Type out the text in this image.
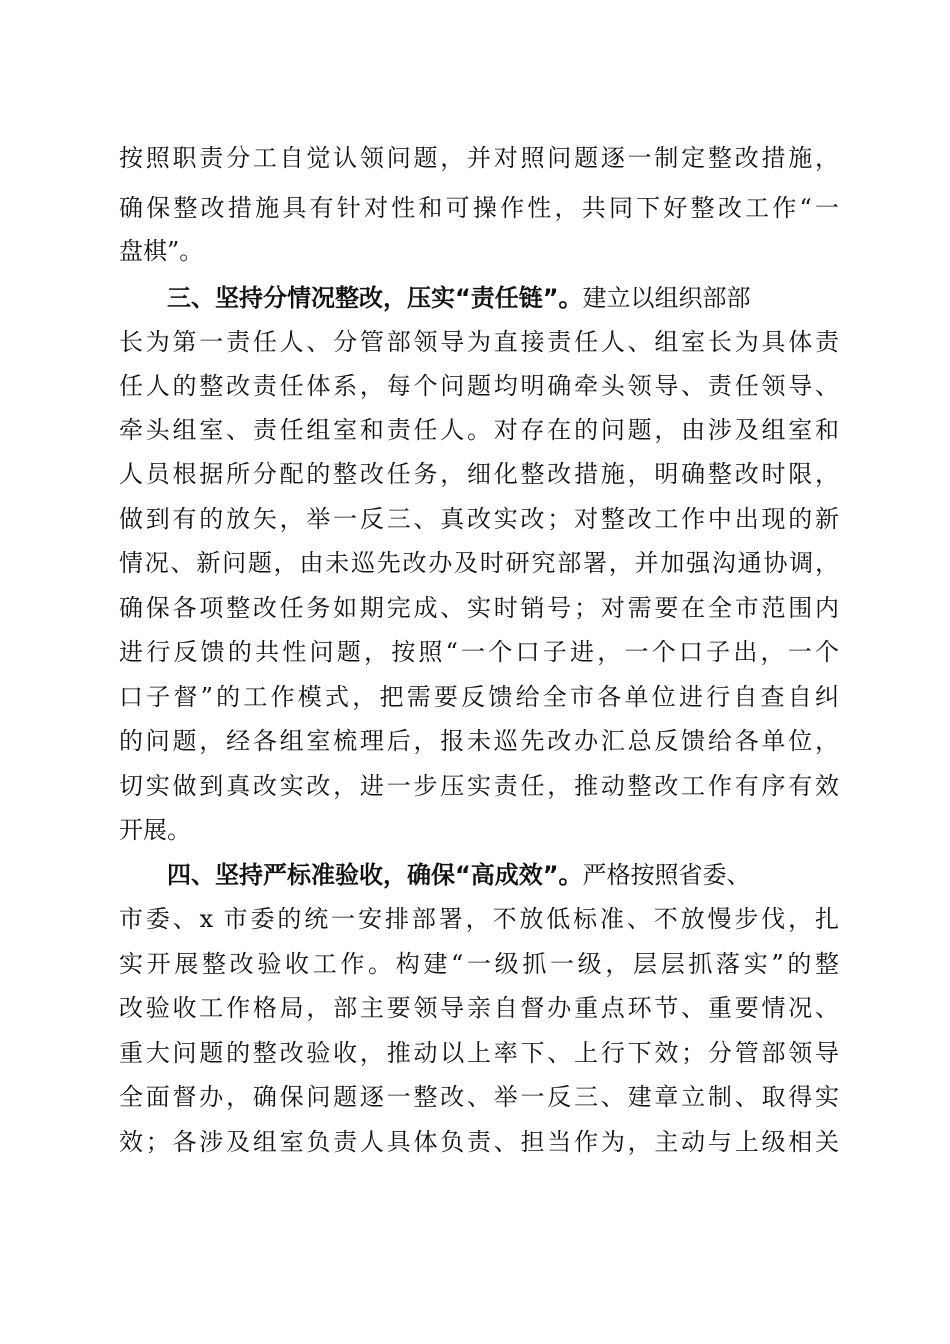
按照职责分工自觉认领问题，并对照问题逐一制定整改措施，

确保整改措施具有针对性和可操作性，共同下好整改工作“一

盘棋”。

三、坚持分情况整改，压实“责任链”。建立以组织部部

长为第一责任人、分管部领导为直接责任人、组室长为具体责

任人的整改责任体系，每个问题均明确牵头领导、责任领导、

牵头组室、责任组室和责任人。对存在的问题，由涉及组室和

人员根据所分配的整改任务，细化整改措施，明确整改时限，

做到有的放矢，举一反三、真改实改；对整改工作中出现的新

情况、新问题，由未巡先改办及时研究部署，并加强沟通协调，

确保各项整改任务如期完成、实时销号；对需要在全市范围内

进行反馈的共性问题，按照“一个口子进，一个口子出，一个

口子督”的工作模式，把需要反馈给全市各单位进行自查自纠

的问题，经各组室梳理后，报未巡先改办汇总反馈给各单位，

切实做到真改实改，进一步压实责任，推动整改工作有序有效

开展。

四、坚持严标准验收，确保“高成效”。严格按照省委、

市委、x 市委的统一安排部署，不放低标准、不放慢步伐，扎

实开展整改验收工作。构建“一级抓一级，层层抓落实”的整

改验收工作格局，部主要领导亲自督办重点环节、重要情况、

重大问题的整改验收，推动以上率下、上行下效；分管部领导

全面督办，确保问题逐一整改、举一反三、建章立制、取得实

效；各涉及组室负责人具体负责、担当作为，主动与上级相关
